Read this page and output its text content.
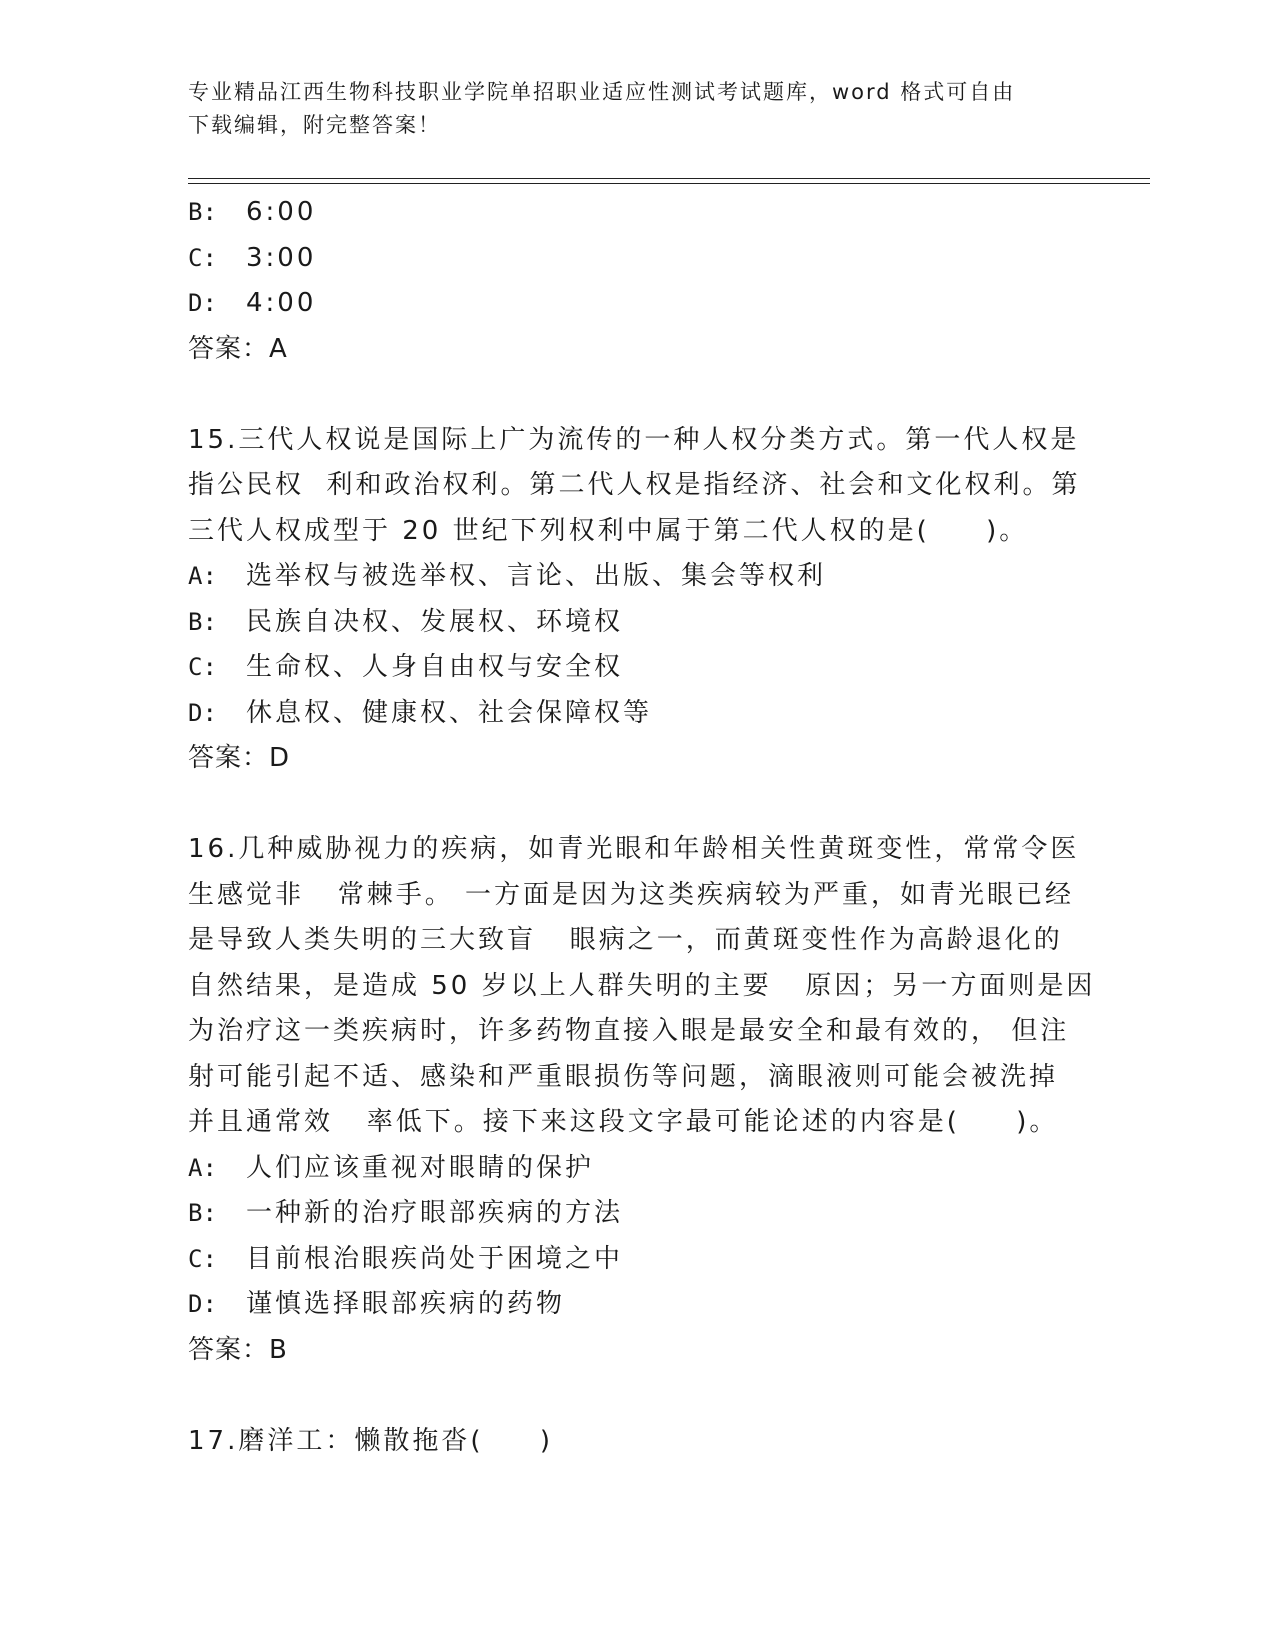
专业精品江西生物科技职业学院单招职业适应性测试考试题库，word 格式可自由
下载编辑，附完整答案！
B:	6:00
C:	3:00
D:	4:00
答案：A
15.三代人权说是国际上广为流传的一种人权分类方式。第一代人权是
指公民权  利和政治权利。第二代人权是指经济、社会和文化权利。第
三代人权成型于 20 世纪下列权利中属于第二代人权的是(     )。
A:	选举权与被选举权、言论、出版、集会等权利
B:	民族自决权、发展权、环境权
C:	生命权、人身自由权与安全权
D:	休息权、健康权、社会保障权等
答案：D
16.几种威胁视力的疾病，如青光眼和年龄相关性黄斑变性，常常令医
生感觉非   常棘手。 一方面是因为这类疾病较为严重，如青光眼已经
是导致人类失明的三大致盲   眼病之一，而黄斑变性作为高龄退化的
自然结果，是造成 50 岁以上人群失明的主要   原因；另一方面则是因
为治疗这一类疾病时，许多药物直接入眼是最安全和最有效的， 但注
射可能引起不适、感染和严重眼损伤等问题，滴眼液则可能会被洗掉
并且通常效   率低下。接下来这段文字最可能论述的内容是(     )。
A:	人们应该重视对眼睛的保护
B:	一种新的治疗眼部疾病的方法
C:	目前根治眼疾尚处于困境之中
D:	谨慎选择眼部疾病的药物
答案：B
17.磨洋工：懒散拖沓(     )
